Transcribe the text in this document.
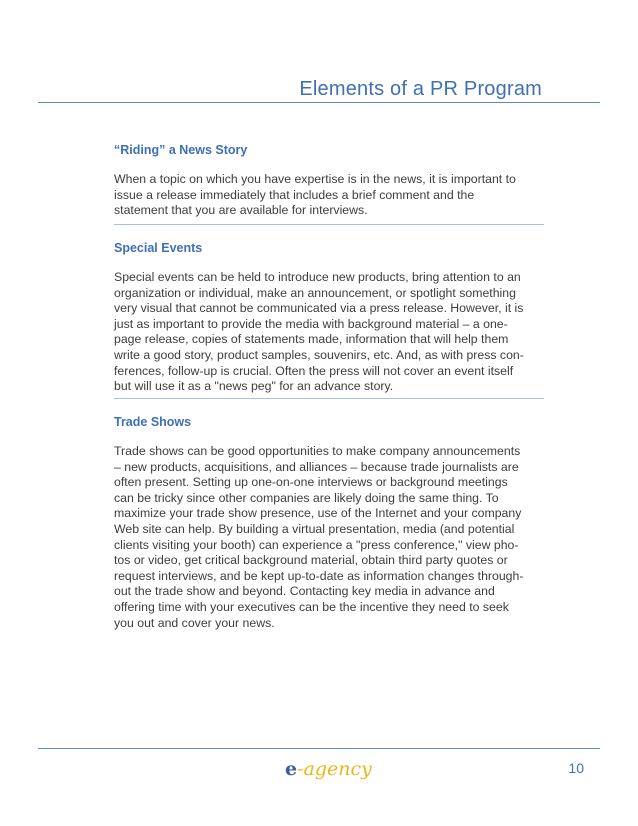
Elements of a PR Program
“Riding” a News Story

When a topic on which you have expertise is in the news, it is important to
issue a release immediately that includes a brief comment and the
statement that you are available for interviews.

Special Events

Special events can be held to introduce new products, bring attention to an
organization or individual, make an announcement, or spotlight something
very visual that cannot be communicated via a press release. However, it is
just as important to provide the media with background material – a one-
page release, copies of statements made, information that will help them
write a good story, product samples, souvenirs, etc. And, as with press con-
ferences, follow-up is crucial. Often the press will not cover an event itself
but will use it as a "news peg" for an advance story.

Trade Shows

Trade shows can be good opportunities to make company announcements
– new products, acquisitions, and alliances – because trade journalists are
often present. Setting up one-on-one interviews or background meetings
can be tricky since other companies are likely doing the same thing. To
maximize your trade show presence, use of the Internet and your company
Web site can help. By building a virtual presentation, media (and potential
clients visiting your booth) can experience a "press conference," view pho-
tos or video, get critical background material, obtain third party quotes or
request interviews, and be kept up-to-date as information changes through-
out the trade show and beyond. Contacting key media in advance and
offering time with your executives can be the incentive they need to seek
you out and cover your news.

e-agency	10
